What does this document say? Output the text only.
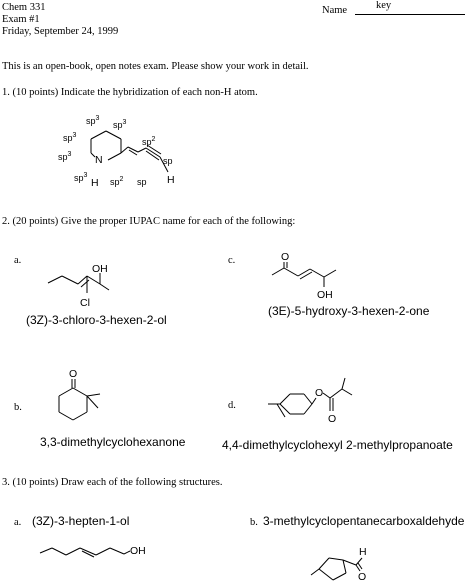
Chem 331
Exam #1
Friday, September 24, 1999
Name	key
This is an open-book, open notes exam. Please show your work in detail.
1. (10 points) Indicate the hybridization of each non-H atom.
N
H	H
$sp^3$
$sp^3$
$sp^3$
$sp^2$
$sp^3$
sp
$sp^3$
$sp^2$ sp
2. (20 points) Give the proper IUPAC name for each of the following:
a.	c.
b.	d.
OH
Cl
O
OH
O
O
O
(3Z)-3-chloro-3-hexen-2-ol
(3E)-5-hydroxy-3-hexen-2-one
3,3-dimethylcyclohexanone	4,4-dimethylcyclohexyl 2-methylpropanoate
3. (10 points) Draw each of the following structures.
a. (3Z)-3-hepten-1-ol	b. 3-methylcyclopentanecarboxaldehyde
OH	H
O
